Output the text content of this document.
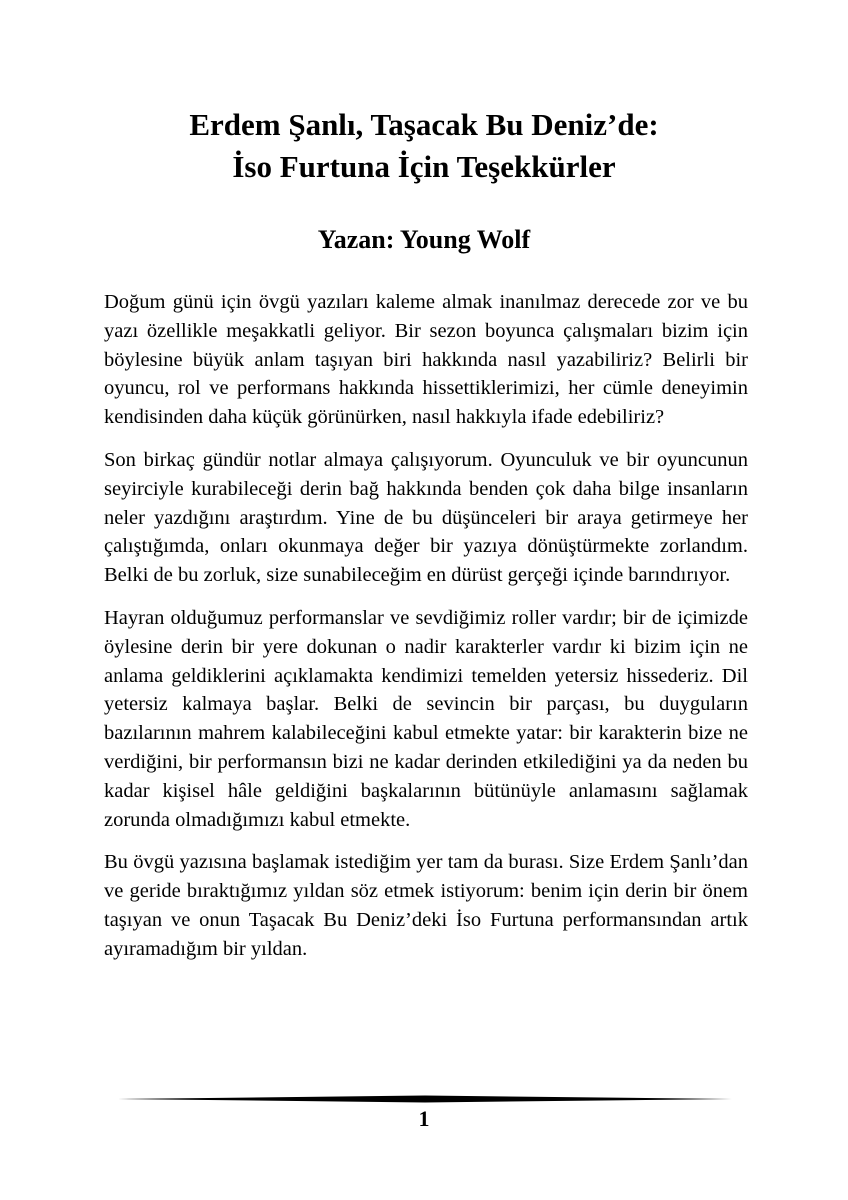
Erdem Şanlı, Taşacak Bu Deniz’de:
İso Furtuna İçin Teşekkürler
Yazan: Young Wolf

Doğum günü için övgü yazıları kaleme almak inanılmaz derecede zor ve bu yazı özellikle meşakkatli geliyor. Bir sezon boyunca çalışmaları bizim için böylesine büyük anlam taşıyan biri hakkında nasıl yazabiliriz? Belirli bir oyuncu, rol ve performans hakkında hissettiklerimizi, her cümle deneyimin kendisinden daha küçük görünürken, nasıl hakkıyla ifade edebiliriz?

Son birkaç gündür notlar almaya çalışıyorum. Oyunculuk ve bir oyuncunun seyirciyle kurabileceği derin bağ hakkında benden çok daha bilge insanların neler yazdığını araştırdım. Yine de bu düşünceleri bir araya getirmeye her çalıştığımda, onları okunmaya değer bir yazıya dönüştürmekte zorlandım. Belki de bu zorluk, size sunabileceğim en dürüst gerçeği içinde barındırıyor.

Hayran olduğumuz performanslar ve sevdiğimiz roller vardır; bir de içimizde öylesine derin bir yere dokunan o nadir karakterler vardır ki bizim için ne anlama geldiklerini açıklamakta kendimizi temelden yetersiz hissederiz. Dil yetersiz kalmaya başlar. Belki de sevincin bir parçası, bu duyguların bazılarının mahrem kalabileceğini kabul etmekte yatar: bir karakterin bize ne verdiğini, bir performansın bizi ne kadar derinden etkilediğini ya da neden bu kadar kişisel hâle geldiğini başkalarının bütünüyle anlamasını sağlamak zorunda olmadığımızı kabul etmekte.

Bu övgü yazısına başlamak istediğim yer tam da burası. Size Erdem Şanlı’dan ve geride bıraktığımız yıldan söz etmek istiyorum: benim için derin bir önem taşıyan ve onun Taşacak Bu Deniz’deki İso Furtuna performansından artık ayıramadığım bir yıldan.

1
